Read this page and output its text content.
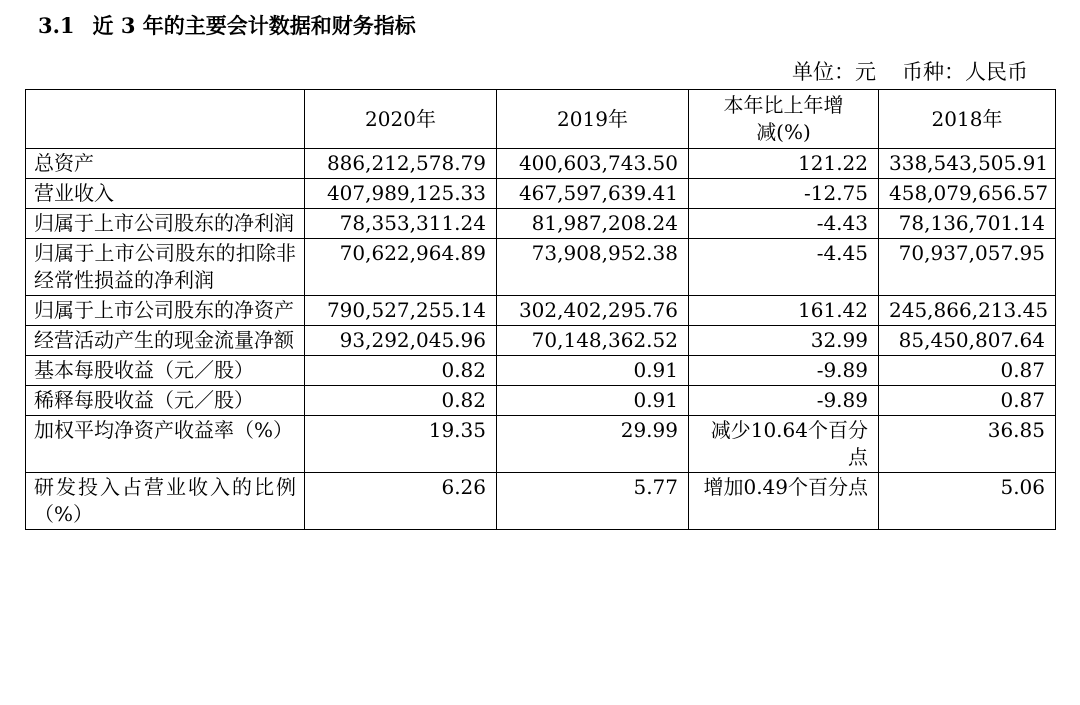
3.1 近 3 年的主要会计数据和财务指标
单位：元 币种：人民币
	2020年	2019年	本年比上年增减(%)	2018年
总资产	886,212,578.79	400,603,743.50	121.22	338,543,505.91
营业收入	407,989,125.33	467,597,639.41	-12.75	458,079,656.57
归属于上市公司股东的净利润	78,353,311.24	81,987,208.24	-4.43	78,136,701.14
归属于上市公司股东的扣除非经常性损益的净利润	70,622,964.89	73,908,952.38	-4.45	70,937,057.95
归属于上市公司股东的净资产	790,527,255.14	302,402,295.76	161.42	245,866,213.45
经营活动产生的现金流量净额	93,292,045.96	70,148,362.52	32.99	85,450,807.64
基本每股收益（元／股）	0.82	0.91	-9.89	0.87
稀释每股收益（元／股）	0.82	0.91	-9.89	0.87
加权平均净资产收益率（%）	19.35	29.99	减少10.64个百分点	36.85
研发投入占营业收入的比例（%）	6.26	5.77	增加0.49个百分点	5.06
